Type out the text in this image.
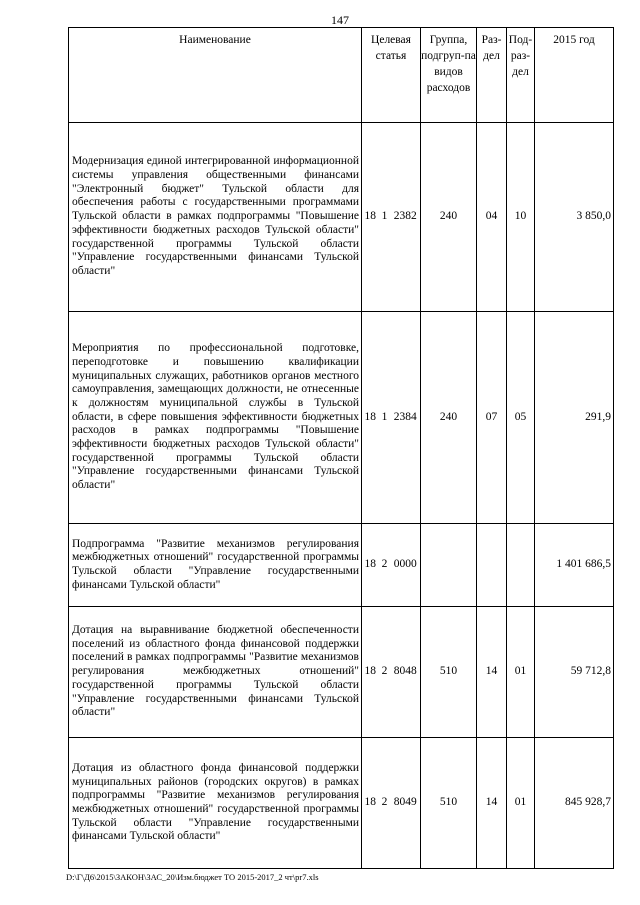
147
Наименование	Целевая статья			Группа, подгруп-па видов расходов	Раз-дел	Под-раз-дел	2015 год
Модернизация единой интегрированной информационной системы управления общественными финансами "Электронный бюджет" Тульской области для обеспечения работы с государственными программами Тульской области в рамках подпрограммы "Повышение эффективности бюджетных расходов Тульской области" государственной программы Тульской области "Управление государственными финансами Тульской области"	18	1	2382	240	04	10	3 850,0
Мероприятия по профессиональной подготовке, переподготовке и повышению квалификации муниципальных служащих, работников органов местного самоуправления, замещающих должности, не отнесенные к должностям муниципальной службы в Тульской области, в сфере повышения эффективности бюджетных расходов в рамках подпрограммы "Повышение эффективности бюджетных расходов Тульской области" государственной программы Тульской области "Управление государственными финансами Тульской области"	18	1	2384	240	07	05	291,9
Подпрограмма "Развитие механизмов регулирования межбюджетных отношений" государственной программы Тульской области "Управление государственными финансами Тульской области"	18	2	0000				1 401 686,5
Дотация на выравнивание бюджетной обеспеченности поселений из областного фонда финансовой поддержки поселений в рамках подпрограммы "Развитие механизмов регулирования межбюджетных отношений" государственной программы Тульской области "Управление государственными финансами Тульской области"	18	2	8048	510	14	01	59 712,8
Дотация из областного фонда финансовой поддержки муниципальных районов (городских округов) в рамках подпрограммы "Развитие механизмов регулирования межбюджетных отношений" государственной программы Тульской области "Управление государственными финансами Тульской области"	18	2	8049	510	14	01	845 928,7
D:\Г\Д6\2015\ЗАКОН\ЗАС_20\Изм.бюджет ТО 2015-2017_2 чт\pr7.xls
